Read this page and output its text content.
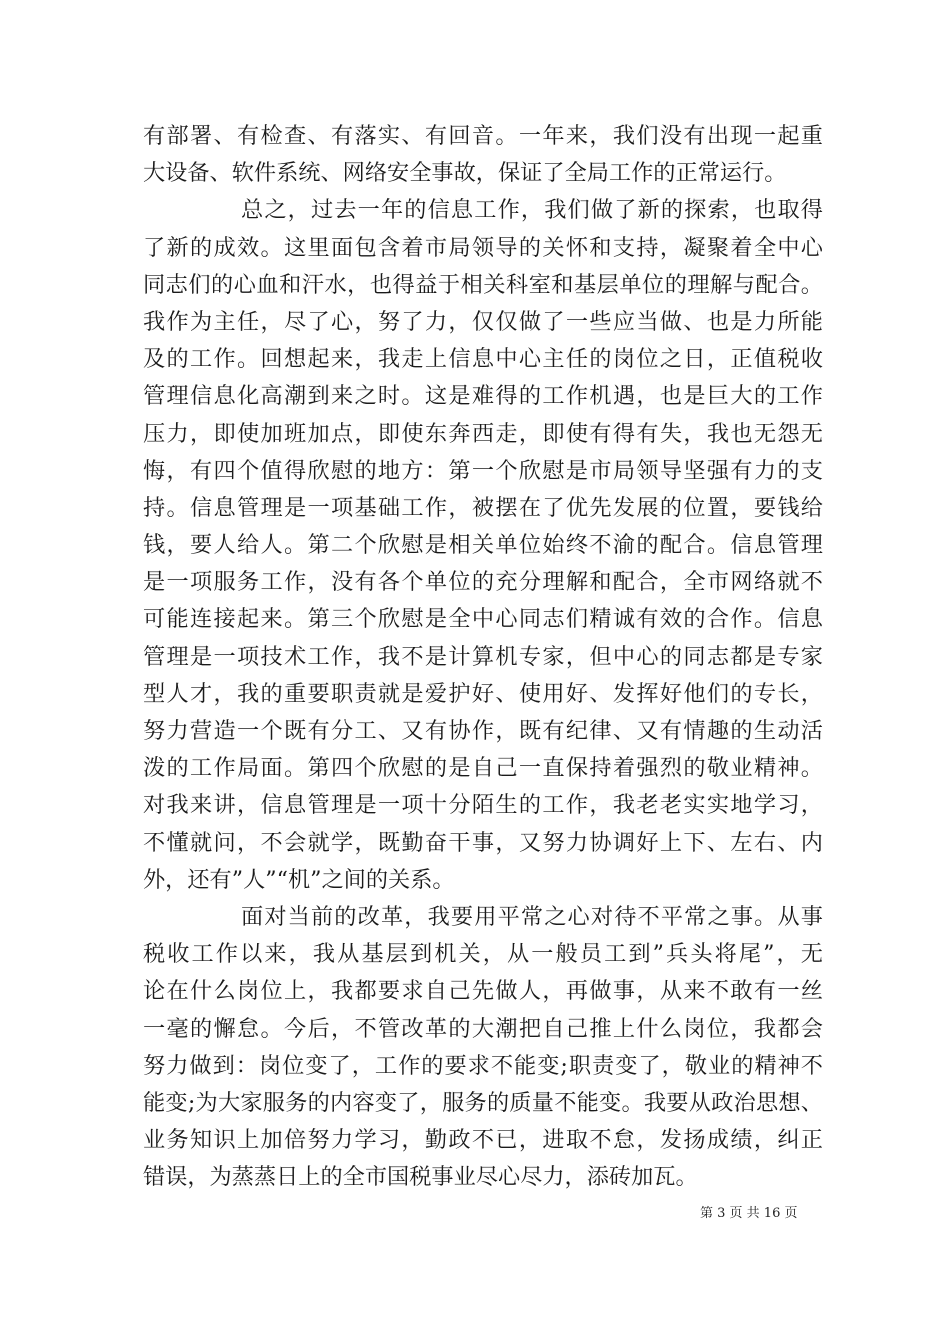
有部署、有检查、有落实、有回音。一年来，我们没有出现一起重
大设备、软件系统、网络安全事故，保证了全局工作的正常运行。
总之，过去一年的信息工作，我们做了新的探索，也取得
了新的成效。这里面包含着市局领导的关怀和支持，凝聚着全中心
同志们的心血和汗水，也得益于相关科室和基层单位的理解与配合。
我作为主任，尽了心，努了力，仅仅做了一些应当做、也是力所能
及的工作。回想起来，我走上信息中心主任的岗位之日，正值税收
管理信息化高潮到来之时。这是难得的工作机遇，也是巨大的工作
压力，即使加班加点，即使东奔西走，即使有得有失，我也无怨无
悔，有四个值得欣慰的地方：第一个欣慰是市局领导坚强有力的支
持。信息管理是一项基础工作，被摆在了优先发展的位置，要钱给
钱，要人给人。第二个欣慰是相关单位始终不渝的配合。信息管理
是一项服务工作，没有各个单位的充分理解和配合，全市网络就不
可能连接起来。第三个欣慰是全中心同志们精诚有效的合作。信息
管理是一项技术工作，我不是计算机专家，但中心的同志都是专家
型人才，我的重要职责就是爱护好、使用好、发挥好他们的专长，
努力营造一个既有分工、又有协作，既有纪律、又有情趣的生动活
泼的工作局面。第四个欣慰的是自己一直保持着强烈的敬业精神。
对我来讲，信息管理是一项十分陌生的工作，我老老实实地学习，
不懂就问，不会就学，既勤奋干事，又努力协调好上下、左右、内
外，还有”人”“机”之间的关系。
面对当前的改革，我要用平常之心对待不平常之事。从事
税收工作以来，我从基层到机关，从一般员工到”兵头将尾”，无
论在什么岗位上，我都要求自己先做人，再做事，从来不敢有一丝
一毫的懈怠。今后，不管改革的大潮把自己推上什么岗位，我都会
努力做到：岗位变了，工作的要求不能变;职责变了，敬业的精神不
能变;为大家服务的内容变了，服务的质量不能变。我要从政治思想、
业务知识上加倍努力学习，勤政不已，进取不怠，发扬成绩，纠正
错误，为蒸蒸日上的全市国税事业尽心尽力，添砖加瓦。
第 3 页 共 16 页
